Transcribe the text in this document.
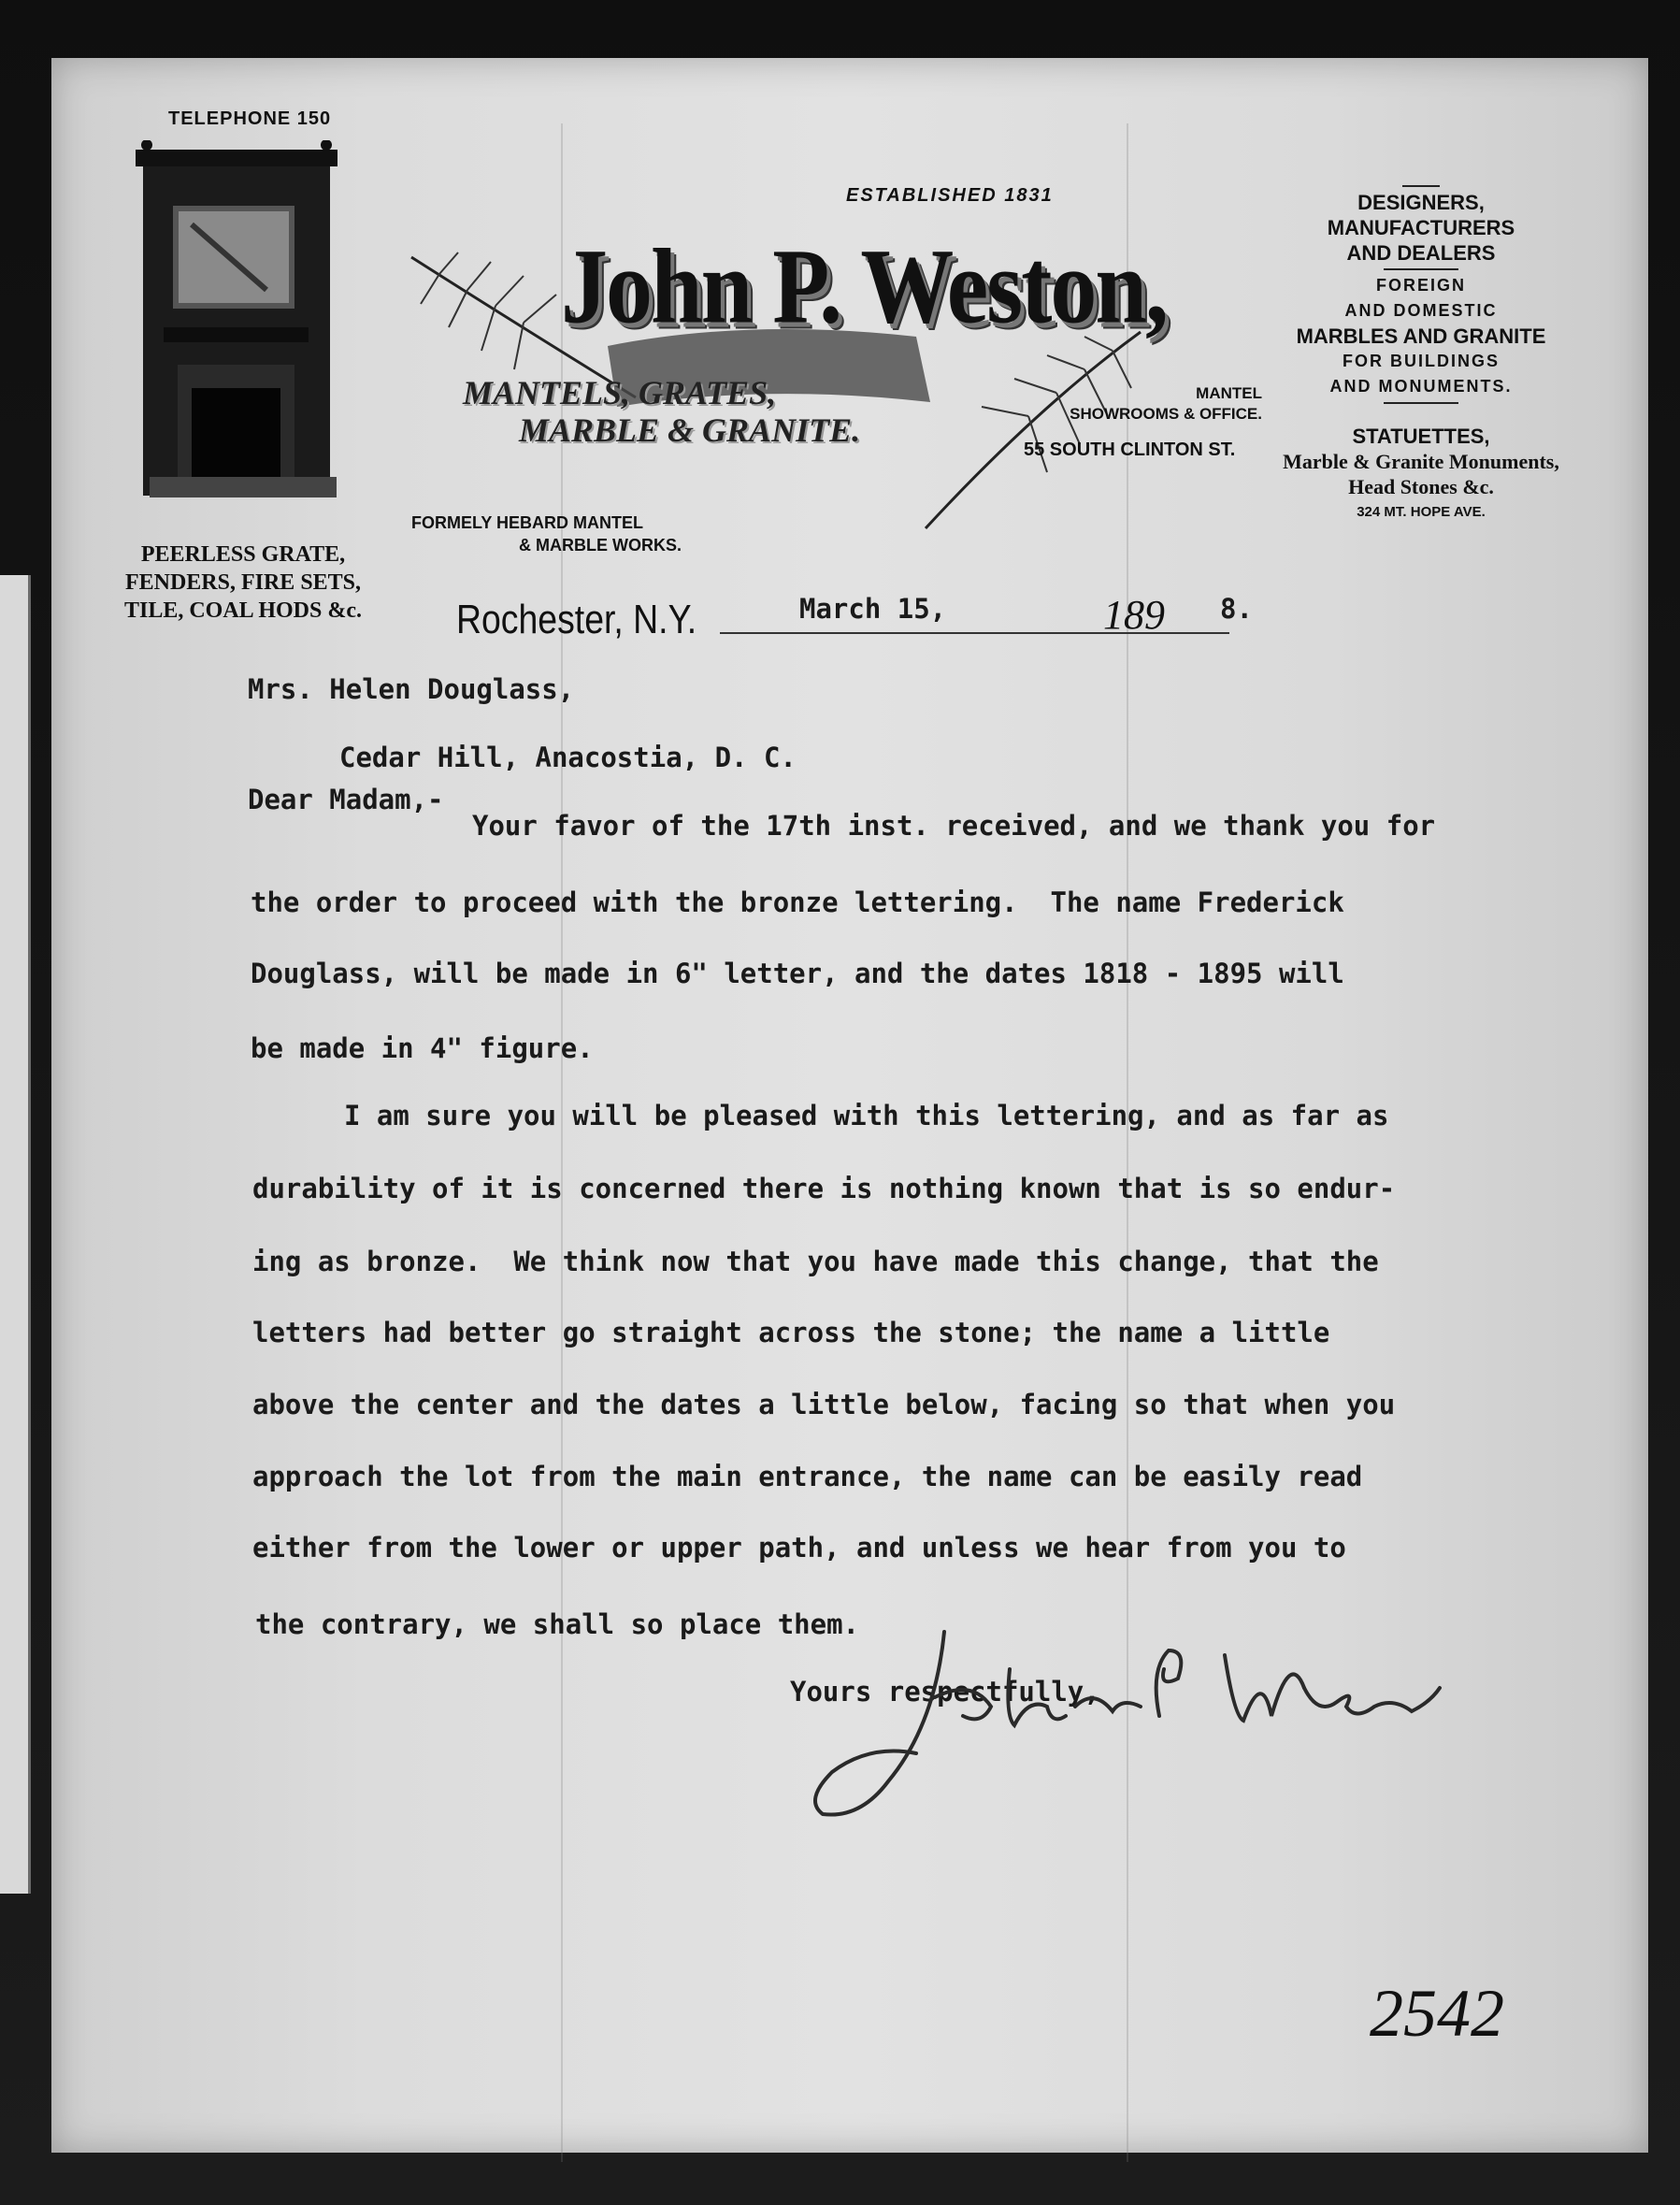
TELEPHONE 150
PEERLESS GRATE,
FENDERS, FIRE SETS,
TILE, COAL HODS &c.
ESTABLISHED 1831
John P. Weston,
MANTELS, GRATES,
MARBLE & GRANITE.
MANTEL
SHOWROOMS & OFFICE.
55 SOUTH CLINTON ST.
FORMELY HEBARD MANTEL
& MARBLE WORKS.
DESIGNERS,
MANUFACTURERS
AND DEALERS
FOREIGN
AND DOMESTIC
MARBLES AND GRANITE
FOR BUILDINGS
AND MONUMENTS.
STATUETTES,
Marble & Granite Monuments,
Head Stones &c.
324 MT. HOPE AVE.
Rochester, N.Y.	March 15,	189 8.
Mrs. Helen Douglass,
Cedar Hill, Anacostia, D. C.
Dear Madam,-
Your favor of the 17th inst. received, and we thank you for
the order to proceed with the bronze lettering.  The name Frederick
Douglass, will be made in 6" letter, and the dates 1818 - 1895 will
be made in 4" figure.
I am sure you will be pleased with this lettering, and as far as
durability of it is concerned there is nothing known that is so endur-
ing as bronze.  We think now that you have made this change, that the
letters had better go straight across the stone; the name a little
above the center and the dates a little below, facing so that when you
approach the lot from the main entrance, the name can be easily read
either from the lower or upper path, and unless we hear from you to
the contrary, we shall so place them.
Yours respectfully,
2542
